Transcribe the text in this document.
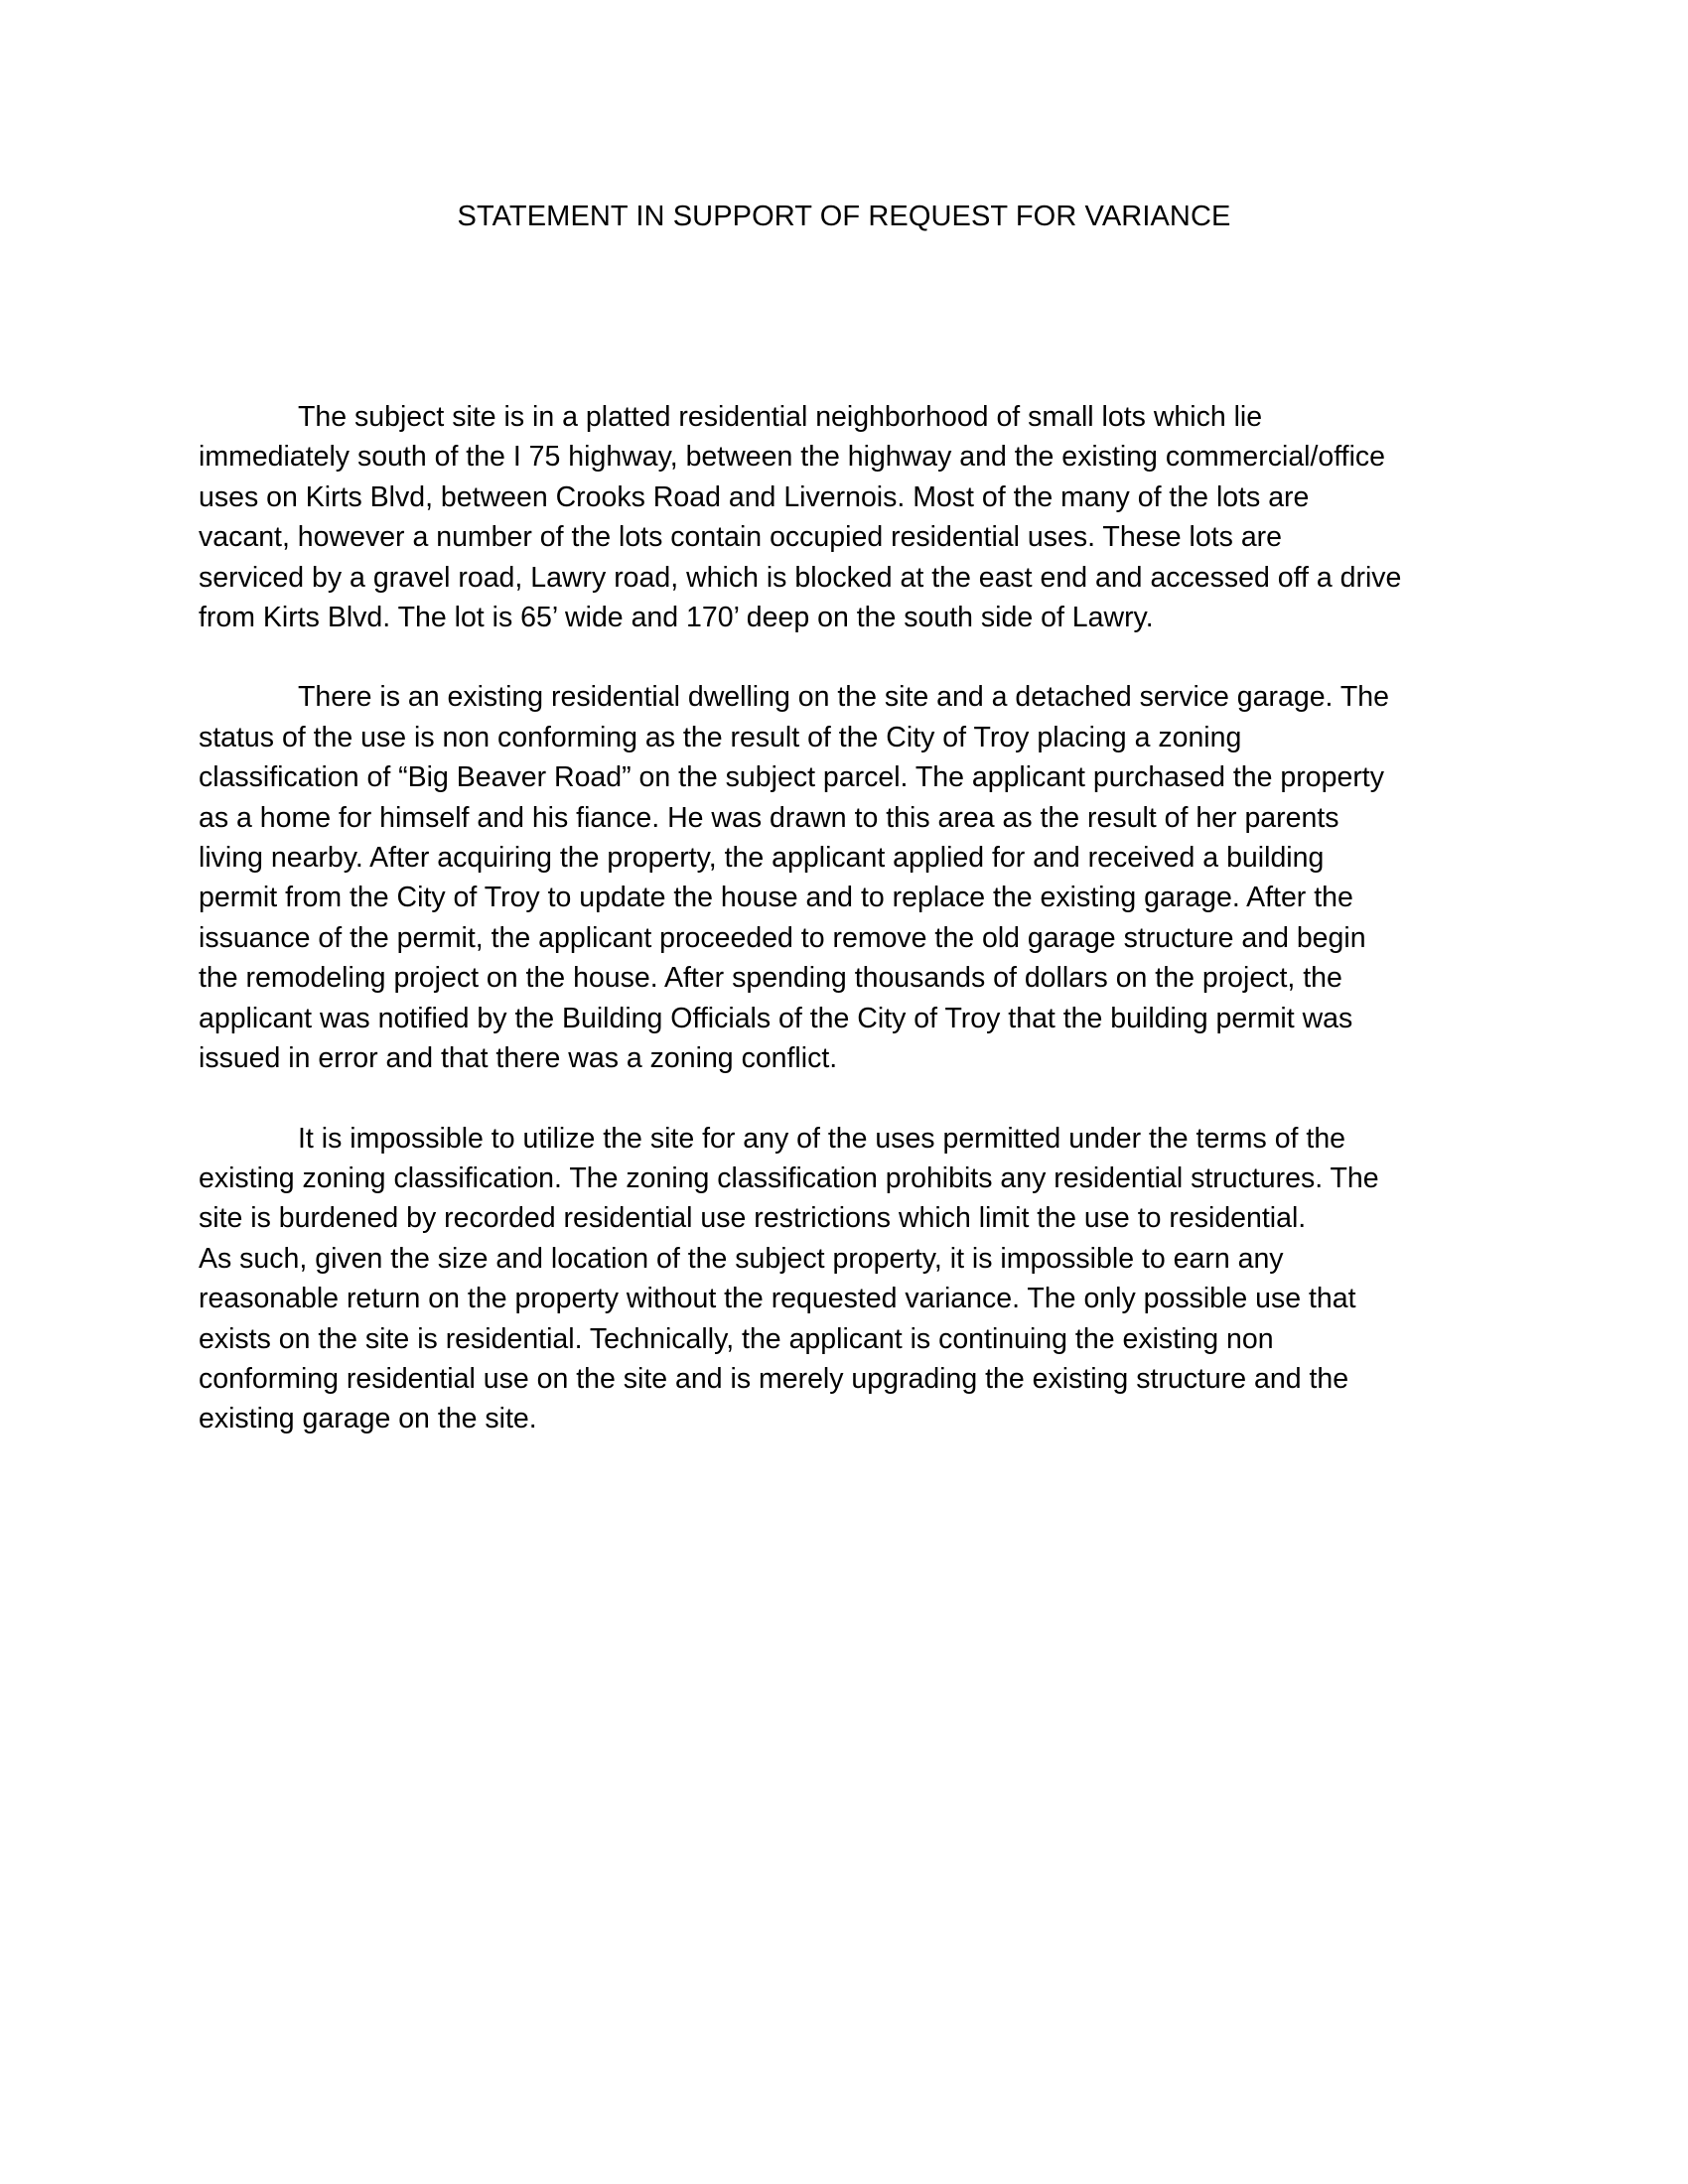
STATEMENT IN SUPPORT OF REQUEST FOR VARIANCE

The subject site is in a platted residential neighborhood of small lots which lie
immediately south of the I 75 highway, between the highway and the existing commercial/office
uses on Kirts Blvd, between Crooks Road and Livernois. Most of the many of the lots are
vacant, however a number of the lots contain occupied residential uses. These lots are
serviced by a gravel road, Lawry road, which is blocked at the east end and accessed off a drive
from Kirts Blvd. The lot is 65’ wide and 170’ deep on the south side of Lawry.

There is an existing residential dwelling on the site and a detached service garage. The
status of the use is non conforming as the result of the City of Troy placing a zoning
classification of “Big Beaver Road” on the subject parcel. The applicant purchased the property
as a home for himself and his fiance. He was drawn to this area as the result of her parents
living nearby. After acquiring the property, the applicant applied for and received a building
permit from the City of Troy to update the house and to replace the existing garage. After the
issuance of the permit, the applicant proceeded to remove the old garage structure and begin
the remodeling project on the house. After spending thousands of dollars on the project, the
applicant was notified by the Building Officials of the City of Troy that the building permit was
issued in error and that there was a zoning conflict.

It is impossible to utilize the site for any of the uses permitted under the terms of the
existing zoning classification. The zoning classification prohibits any residential structures. The
site is burdened by recorded residential use restrictions which limit the use to residential.
As such, given the size and location of the subject property, it is impossible to earn any
reasonable return on the property without the requested variance. The only possible use that
exists on the site is residential. Technically, the applicant is continuing the existing non
conforming residential use on the site and is merely upgrading the existing structure and the
existing garage on the site.
